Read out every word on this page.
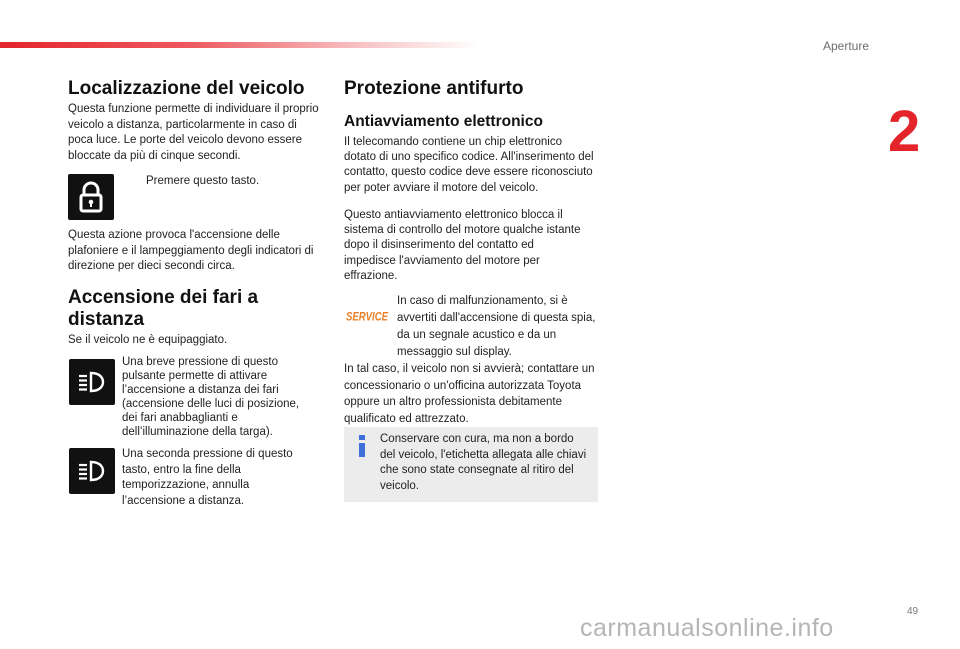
Aperture
2
Localizzazione del veicolo

Questa funzione permette di individuare il proprio veicolo a distanza, particolarmente in caso di poca luce. Le porte del veicolo devono essere bloccate da più di cinque secondi.

Premere questo tasto.

Questa azione provoca l'accensione delle plafoniere e il lampeggiamento degli indicatori di direzione per dieci secondi circa.

Accensione dei fari a distanza

Se il veicolo ne è equipaggiato.

Una breve pressione di questo pulsante permette di attivare l’accensione a distanza dei fari (accensione delle luci di posizione, dei fari anabbaglianti e dell’illuminazione della targa).

Una seconda pressione di questo tasto, entro la fine della temporizzazione, annulla l’accensione a distanza.

Protezione antifurto
Antiavviamento elettronico

Il telecomando contiene un chip elettronico dotato di uno specifico codice. All'inserimento del contatto, questo codice deve essere riconosciuto per poter avviare il motore del veicolo.

Questo antiavviamento elettronico blocca il sistema di controllo del motore qualche istante dopo il disinserimento del contatto ed impedisce l'avviamento del motore per effrazione.

SERVICE

In caso di malfunzionamento, si è avvertiti dall'accensione di questa spia, da un segnale acustico e da un messaggio sul display.

In tal caso, il veicolo non si avvierà; contattare un concessionario o un'officina autorizzata Toyota oppure un altro professionista debitamente qualificato ed attrezzato.

Conservare con cura, ma non a bordo del veicolo, l'etichetta allegata alle chiavi che sono state consegnate al ritiro del veicolo.
49
carmanualsonline.info
